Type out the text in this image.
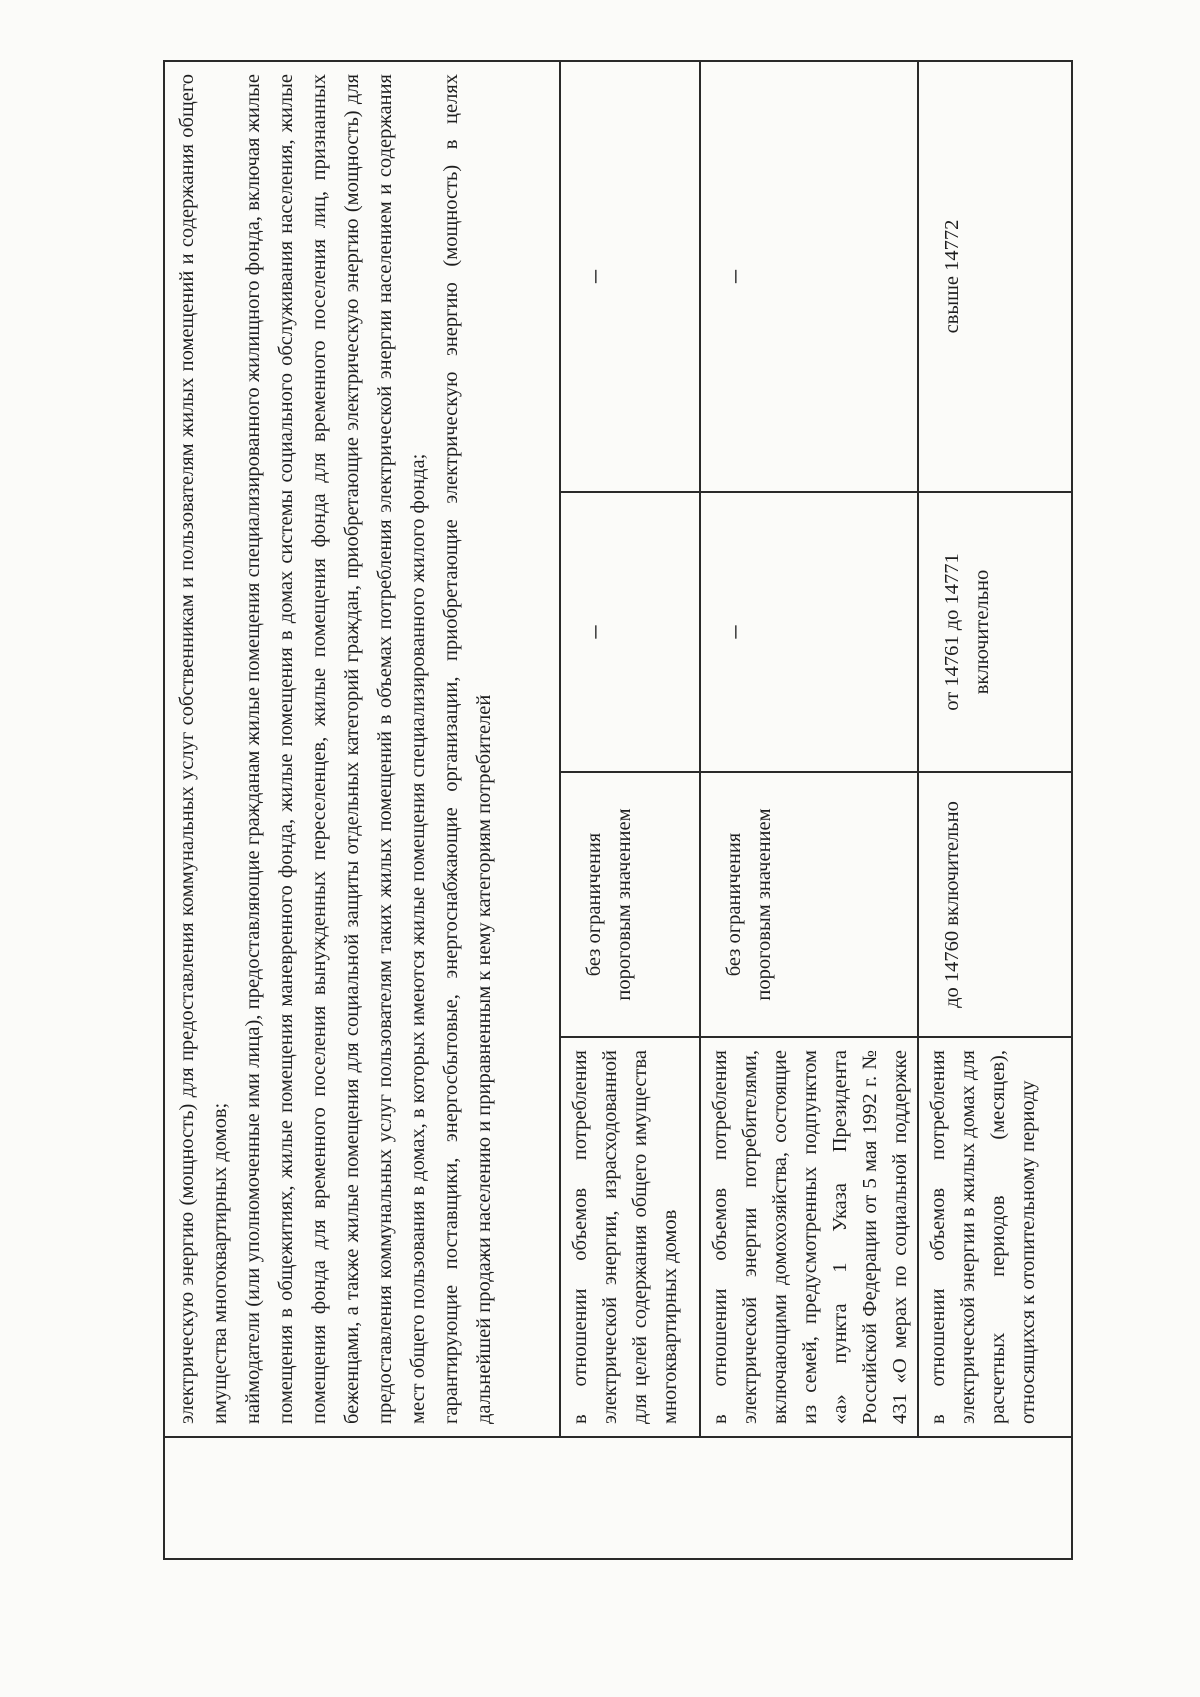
электрическую энергию (мощность) для предоставления коммунальных услуг собственникам и пользователям жилых помещений и содержания общего имущества многоквартирных домов; наймодатели (или уполномоченные ими лица), предоставляющие гражданам жилые помещения специализированного жилищного фонда, включая жилые помещения в общежитиях, жилые помещения маневренного фонда, жилые помещения в домах системы социального обслуживания населения, жилые помещения фонда для временного поселения вынужденных переселенцев, жилые помещения фонда для временного поселения лиц, признанных беженцами, а также жилые помещения для социальной защиты отдельных категорий граждан, приобретающие электрическую энергию (мощность) для предоставления коммунальных услуг пользователям таких жилых помещений в объемах потребления электрической энергии населением и содержания мест общего пользования в домах, в которых имеются жилые помещения специализированного жилого фонда; гарантирующие поставщики, энергосбытовые, энергоснабжающие организации, приобретающие электрическую энергию (мощность) в целях дальнейшей продажи населению и приравненным к нему категориям потребителей	в отношении объемов потребления электрической энергии, израсходованной для целей содержания общего имущества многоквартирных домов
без ограничения пороговым значением
–
–
в отношении объемов потребления электрической энергии потребителями, включающими домохозяйства, состоящие из семей, предусмотренных подпунктом «а» пункта 1 Указа Президента Российской Федерации от 5 мая 1992 г. № 431 «О мерах по социальной поддержке
без ограничения пороговым значением
–
–
в отношении объемов потребления электрической энергии в жилых домах для расчетных периодов (месяцев), относящихся к отопительному периоду
до 14760 включительно
от 14761 до 14771 включительно
свыше 14772
